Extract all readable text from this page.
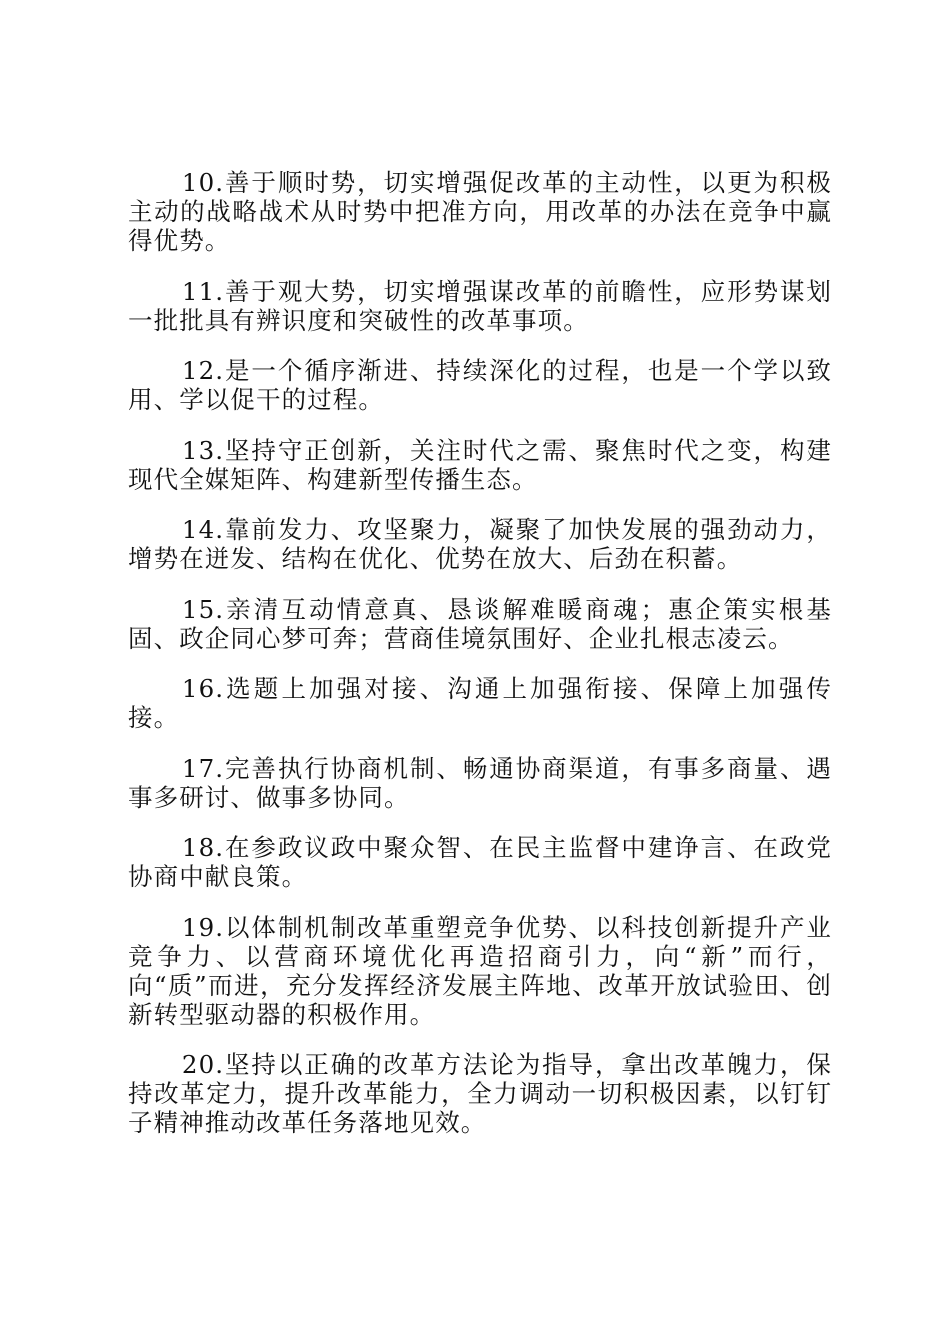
10.善于顺时势，切实增强促改革的主动性，以更为积极主动的战略战术从时势中把准方向，用改革的办法在竞争中赢得优势。

11.善于观大势，切实增强谋改革的前瞻性，应形势谋划一批批具有辨识度和突破性的改革事项。

12.是一个循序渐进、持续深化的过程，也是一个学以致用、学以促干的过程。

13.坚持守正创新，关注时代之需、聚焦时代之变，构建现代全媒矩阵、构建新型传播生态。

14.靠前发力、攻坚聚力，凝聚了加快发展的强劲动力，增势在迸发、结构在优化、优势在放大、后劲在积蓄。

15.亲清互动情意真、恳谈解难暖商魂；惠企策实根基固、政企同心梦可奔；营商佳境氛围好、企业扎根志凌云。

16.选题上加强对接、沟通上加强衔接、保障上加强传接。

17.完善执行协商机制、畅通协商渠道，有事多商量、遇事多研讨、做事多协同。

18.在参政议政中聚众智、在民主监督中建诤言、在政党协商中献良策。

19.以体制机制改革重塑竞争优势、以科技创新提升产业竞争力、以营商环境优化再造招商引力，向“新”而行，向“质”而进，充分发挥经济发展主阵地、改革开放试验田、创新转型驱动器的积极作用。

20.坚持以正确的改革方法论为指导，拿出改革魄力，保持改革定力，提升改革能力，全力调动一切积极因素，以钉钉子精神推动改革任务落地见效。
